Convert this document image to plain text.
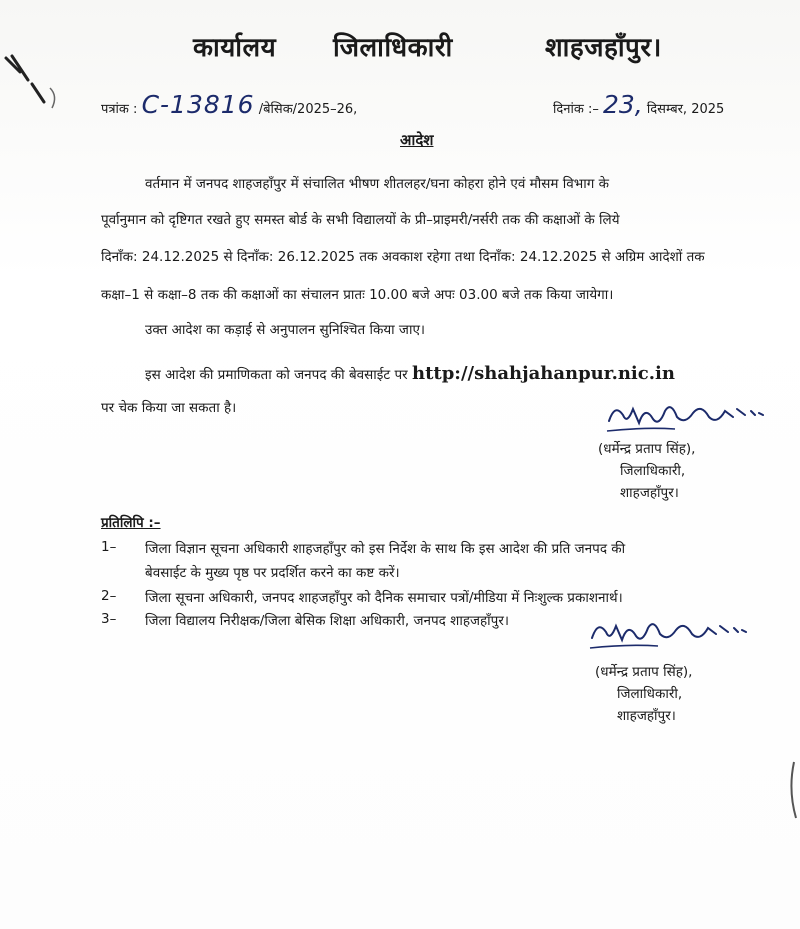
कार्यालय जिलाधिकारी	शाहजहाँपुर।
पत्रांक : C-13816 /बेसिक/2025–26,	दिनांक :– 23, दिसम्बर, 2025
आदेश
वर्तमान में जनपद शाहजहाँपुर में संचालित भीषण शीतलहर/घना कोहरा होने एवं मौसम विभाग के
पूर्वानुमान को दृष्टिगत रखते हुए समस्त बोर्ड के सभी विद्यालयों के प्री–प्राइमरी/नर्सरी तक की कक्षाओं के लिये
दिनाँक: 24.12.2025 से दिनाँक: 26.12.2025 तक अवकाश रहेगा तथा दिनाँक: 24.12.2025 से अग्रिम आदेशों तक
कक्षा–1 से कक्षा–8 तक की कक्षाओं का संचालन प्रातः 10.00 बजे अपः 03.00 बजे तक किया जायेगा।
उक्त आदेश का कड़ाई से अनुपालन सुनिश्चित किया जाए।
इस आदेश की प्रमाणिकता को जनपद की बेवसाईट पर http://shahjahanpur.nic.in
पर चेक किया जा सकता है।
(धर्मेन्द्र प्रताप सिंह),
जिलाधिकारी,
शाहजहाँपुर।
प्रतिलिपि :–
1– जिला विज्ञान सूचना अधिकारी शाहजहाँपुर को इस निर्देश के साथ कि इस आदेश की प्रति जनपद की
बेवसाईट के मुख्य पृष्ठ पर प्रदर्शित करने का कष्ट करें।
2– जिला सूचना अधिकारी, जनपद शाहजहाँपुर को दैनिक समाचार पत्रों/मीडिया में निःशुल्क प्रकाशनार्थ।
3– जिला विद्यालय निरीक्षक/जिला बेसिक शिक्षा अधिकारी, जनपद शाहजहाँपुर।
(धर्मेन्द्र प्रताप सिंह),
जिलाधिकारी,
शाहजहाँपुर।
